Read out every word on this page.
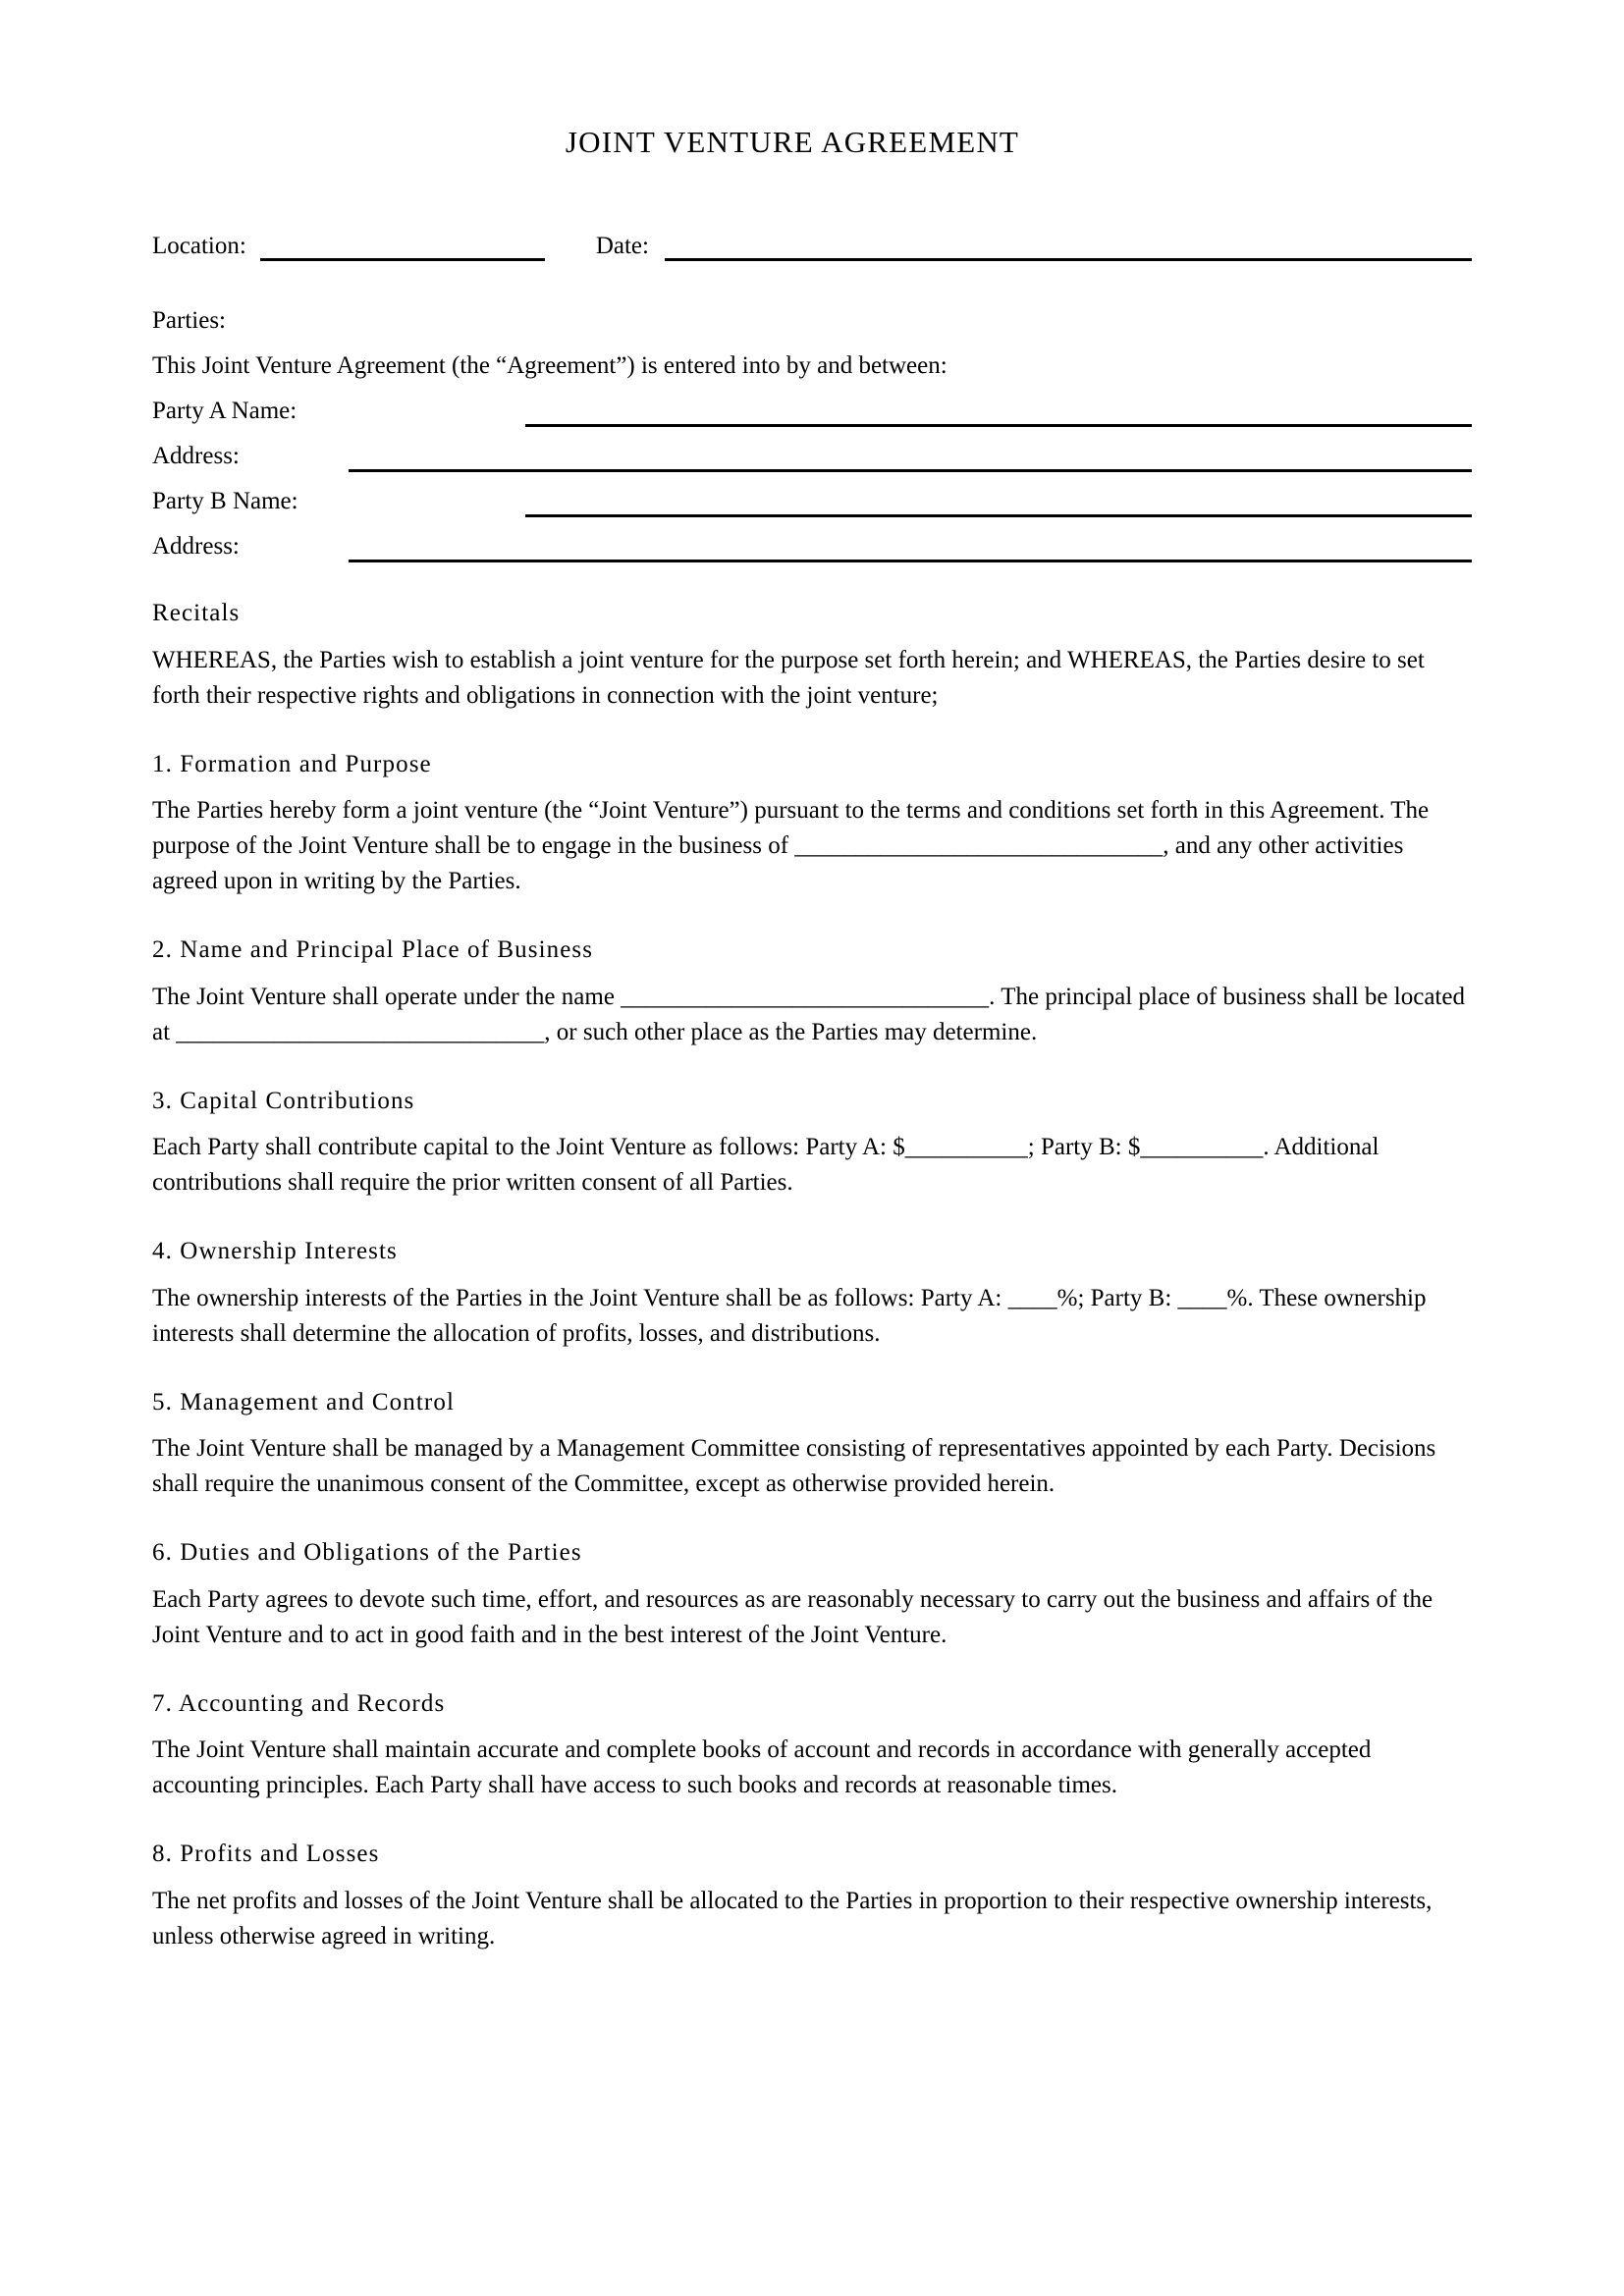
JOINT VENTURE AGREEMENT
Location:	Date:

Parties:

This Joint Venture Agreement (the “Agreement”) is entered into by and between:

Party A Name:
Address:
Party B Name:
Address:

Recitals

WHEREAS, the Parties wish to establish a joint venture for the purpose set forth herein; and WHEREAS, the Parties desire to set forth their respective rights and obligations in connection with the joint venture;

1. Formation and Purpose

The Parties hereby form a joint venture (the “Joint Venture”) pursuant to the terms and conditions set forth in this Agreement. The purpose of the Joint Venture shall be to engage in the business of ______________________________, and any other activities agreed upon in writing by the Parties.

2. Name and Principal Place of Business

The Joint Venture shall operate under the name ______________________________. The principal place of business shall be located at ______________________________, or such other place as the Parties may determine.

3. Capital Contributions

Each Party shall contribute capital to the Joint Venture as follows: Party A: $__________; Party B: $__________. Additional contributions shall require the prior written consent of all Parties.

4. Ownership Interests

The ownership interests of the Parties in the Joint Venture shall be as follows: Party A: ____%; Party B: ____%. These ownership interests shall determine the allocation of profits, losses, and distributions.

5. Management and Control

The Joint Venture shall be managed by a Management Committee consisting of representatives appointed by each Party. Decisions shall require the unanimous consent of the Committee, except as otherwise provided herein.

6. Duties and Obligations of the Parties

Each Party agrees to devote such time, effort, and resources as are reasonably necessary to carry out the business and affairs of the Joint Venture and to act in good faith and in the best interest of the Joint Venture.

7. Accounting and Records

The Joint Venture shall maintain accurate and complete books of account and records in accordance with generally accepted accounting principles. Each Party shall have access to such books and records at reasonable times.

8. Profits and Losses

The net profits and losses of the Joint Venture shall be allocated to the Parties in proportion to their respective ownership interests, unless otherwise agreed in writing.
